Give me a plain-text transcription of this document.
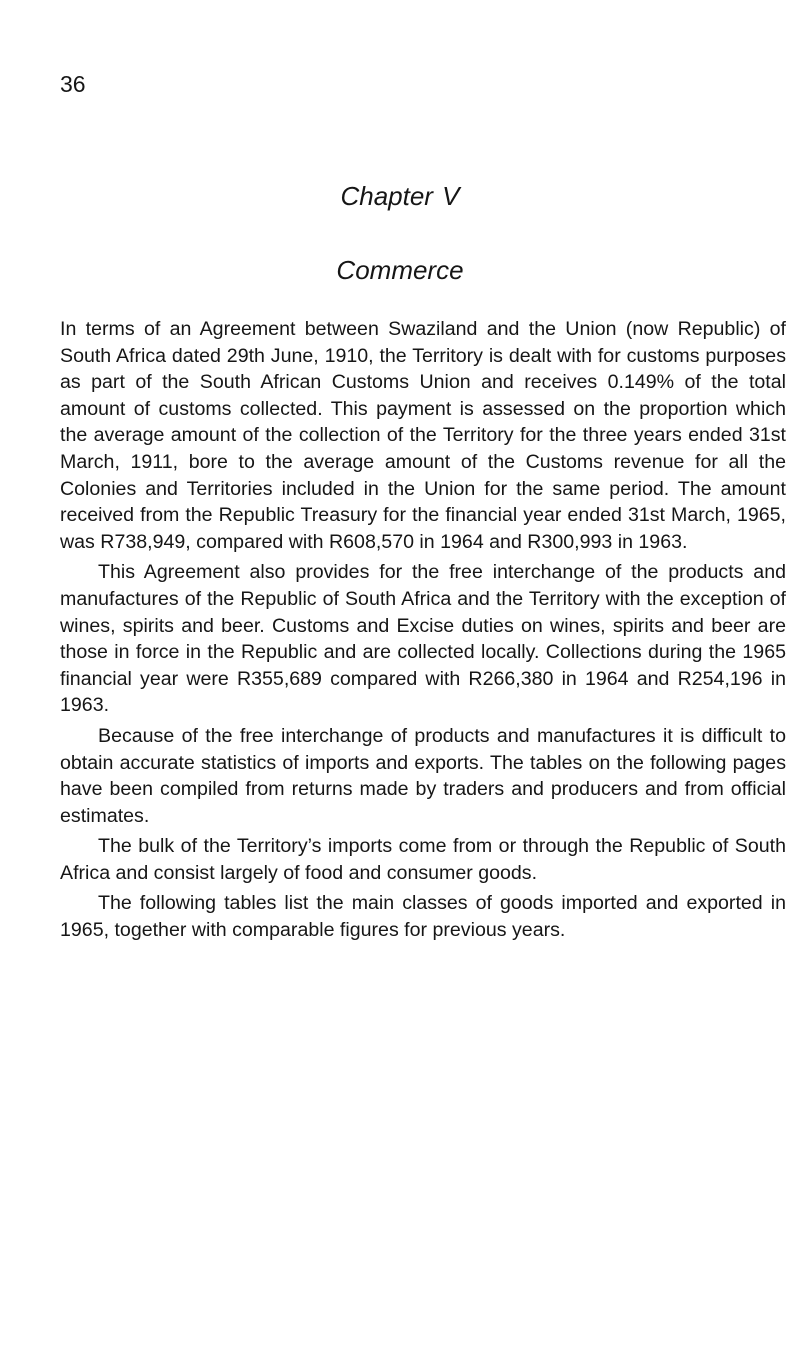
36
Chapter V
Commerce

In terms of an Agreement between Swaziland and the Union (now Republic) of South Africa dated 29th June, 1910, the Territory is dealt with for customs purposes as part of the South African Customs Union and receives 0.149% of the total amount of customs collected. This payment is assessed on the proportion which the average amount of the collection of the Territory for the three years ended 31st March, 1911, bore to the average amount of the Customs revenue for all the Colonies and Territories included in the Union for the same period. The amount received from the Republic Treasury for the financial year ended 31st March, 1965, was R738,949, compared with R608,570 in 1964 and R300,993 in 1963.

This Agreement also provides for the free interchange of the products and manufactures of the Republic of South Africa and the Territory with the exception of wines, spirits and beer. Customs and Excise duties on wines, spirits and beer are those in force in the Republic and are collected locally. Collections during the 1965 financial year were R355,689 compared with R266,380 in 1964 and R254,196 in 1963.

Because of the free interchange of products and manufactures it is difficult to obtain accurate statistics of imports and exports. The tables on the following pages have been compiled from returns made by traders and producers and from official estimates.

The bulk of the Territory’s imports come from or through the Republic of South Africa and consist largely of food and consumer goods.

The following tables list the main classes of goods imported and exported in 1965, together with comparable figures for previous years.
